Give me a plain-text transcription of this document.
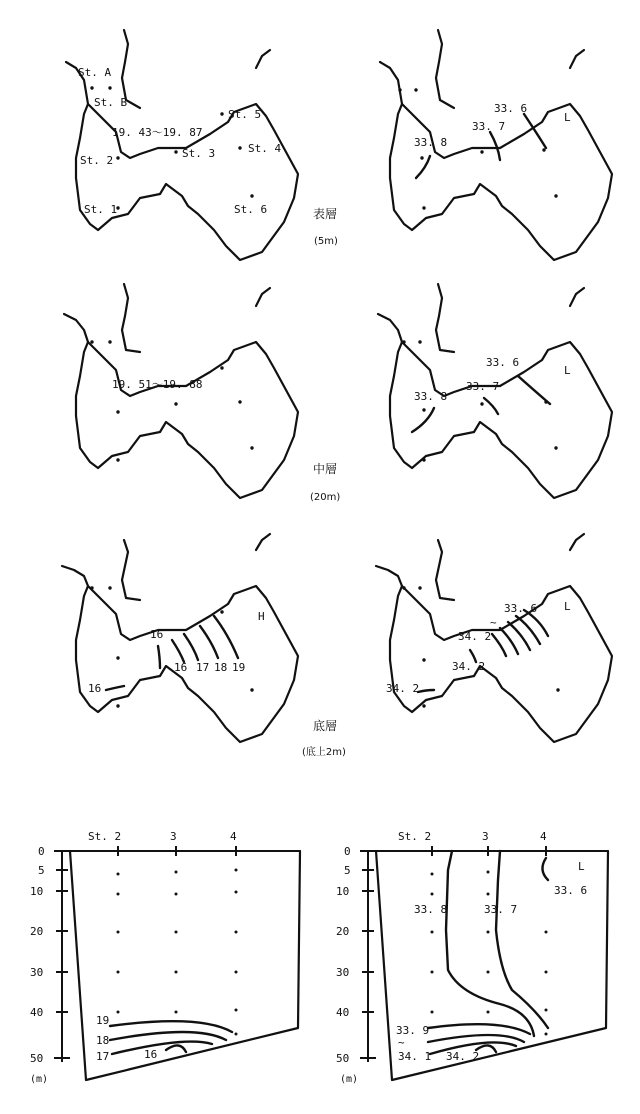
St. A
St. B
St. 5
19. 43〜19. 87
St. 3	St. 4
St. 2
St. 1	St. 6
33. 6
L
33. 7
33. 8
表層
(5m)
19. 51〜19. 88
33. 6
L
33. 7
33. 8
中層
(20m)
16
H
16 17 18 19
16
33. 6 L
~
34. 2
34. 2
34. 2
底層
(底上2m)
19
18
17	16
St. 2	3	4
0
5
10
20
30
40
50
(m)
L
33. 6
33. 8	33. 7
33. 9
~
34. 1 34. 2
St. 2	3	4
0
5
10
20
30
40
50
(m)
